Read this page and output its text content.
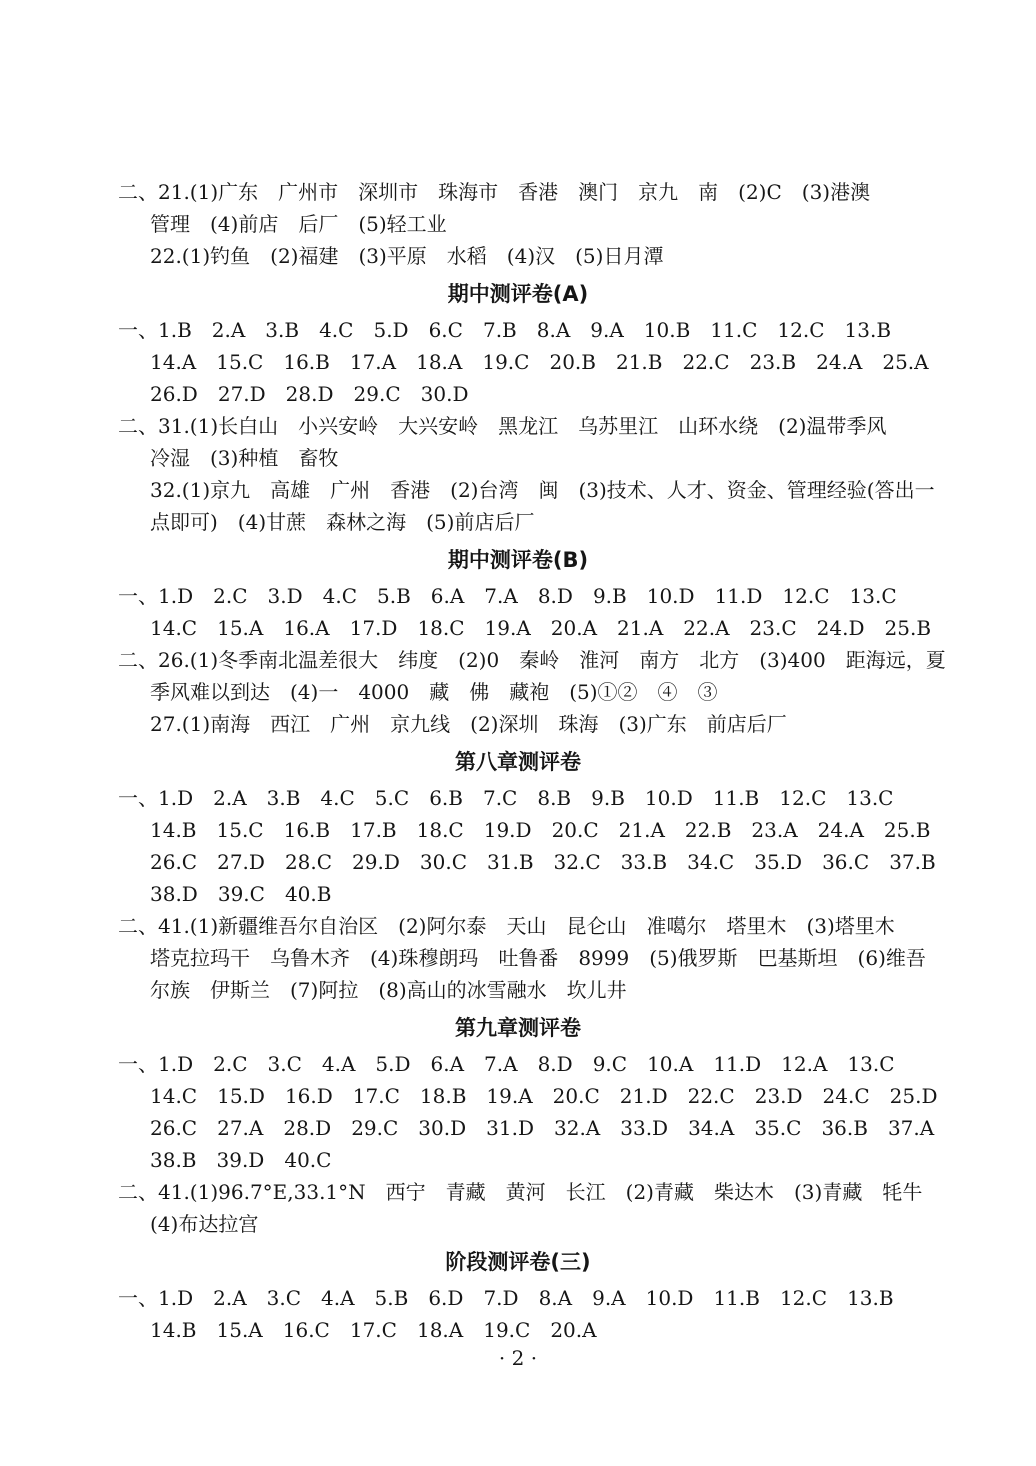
二、21.(1)广东　广州市　深圳市　珠海市　香港　澳门　京九　南　(2)C　(3)港澳
管理　(4)前店　后厂　(5)轻工业
22.(1)钓鱼　(2)福建　(3)平原　水稻　(4)汉　(5)日月潭
期中测评卷(A)
一、1.B　2.A　3.B　4.C　5.D　6.C　7.B　8.A　9.A　10.B　11.C　12.C　13.B
14.A　15.C　16.B　17.A　18.A　19.C　20.B　21.B　22.C　23.B　24.A　25.A
26.D　27.D　28.D　29.C　30.D
二、31.(1)长白山　小兴安岭　大兴安岭　黑龙江　乌苏里江　山环水绕　(2)温带季风
冷湿　(3)种植　畜牧
32.(1)京九　高雄　广州　香港　(2)台湾　闽　(3)技术、人才、资金、管理经验(答出一
点即可)　(4)甘蔗　森林之海　(5)前店后厂
期中测评卷(B)
一、1.D　2.C　3.D　4.C　5.B　6.A　7.A　8.D　9.B　10.D　11.D　12.C　13.C
14.C　15.A　16.A　17.D　18.C　19.A　20.A　21.A　22.A　23.C　24.D　25.B
二、26.(1)冬季南北温差很大　纬度　(2)0　秦岭　淮河　南方　北方　(3)400　距海远，夏
季风难以到达　(4)一　4000　藏　佛　藏袍　(5)①②　④　③
27.(1)南海　西江　广州　京九线　(2)深圳　珠海　(3)广东　前店后厂
第八章测评卷
一、1.D　2.A　3.B　4.C　5.C　6.B　7.C　8.B　9.B　10.D　11.B　12.C　13.C
14.B　15.C　16.B　17.B　18.C　19.D　20.C　21.A　22.B　23.A　24.A　25.B
26.C　27.D　28.C　29.D　30.C　31.B　32.C　33.B　34.C　35.D　36.C　37.B
38.D　39.C　40.B
二、41.(1)新疆维吾尔自治区　(2)阿尔泰　天山　昆仑山　准噶尔　塔里木　(3)塔里木
塔克拉玛干　乌鲁木齐　(4)珠穆朗玛　吐鲁番　8999　(5)俄罗斯　巴基斯坦　(6)维吾
尔族　伊斯兰　(7)阿拉　(8)高山的冰雪融水　坎儿井
第九章测评卷
一、1.D　2.C　3.C　4.A　5.D　6.A　7.A　8.D　9.C　10.A　11.D　12.A　13.C
14.C　15.D　16.D　17.C　18.B　19.A　20.C　21.D　22.C　23.D　24.C　25.D
26.C　27.A　28.D　29.C　30.D　31.D　32.A　33.D　34.A　35.C　36.B　37.A
38.B　39.D　40.C
二、41.(1)96.7°E,33.1°N　西宁　青藏　黄河　长江　(2)青藏　柴达木　(3)青藏　牦牛
(4)布达拉宫
阶段测评卷(三)
一、1.D　2.A　3.C　4.A　5.B　6.D　7.D　8.A　9.A　10.D　11.B　12.C　13.B
14.B　15.A　16.C　17.C　18.A　19.C　20.A
· 2 ·
